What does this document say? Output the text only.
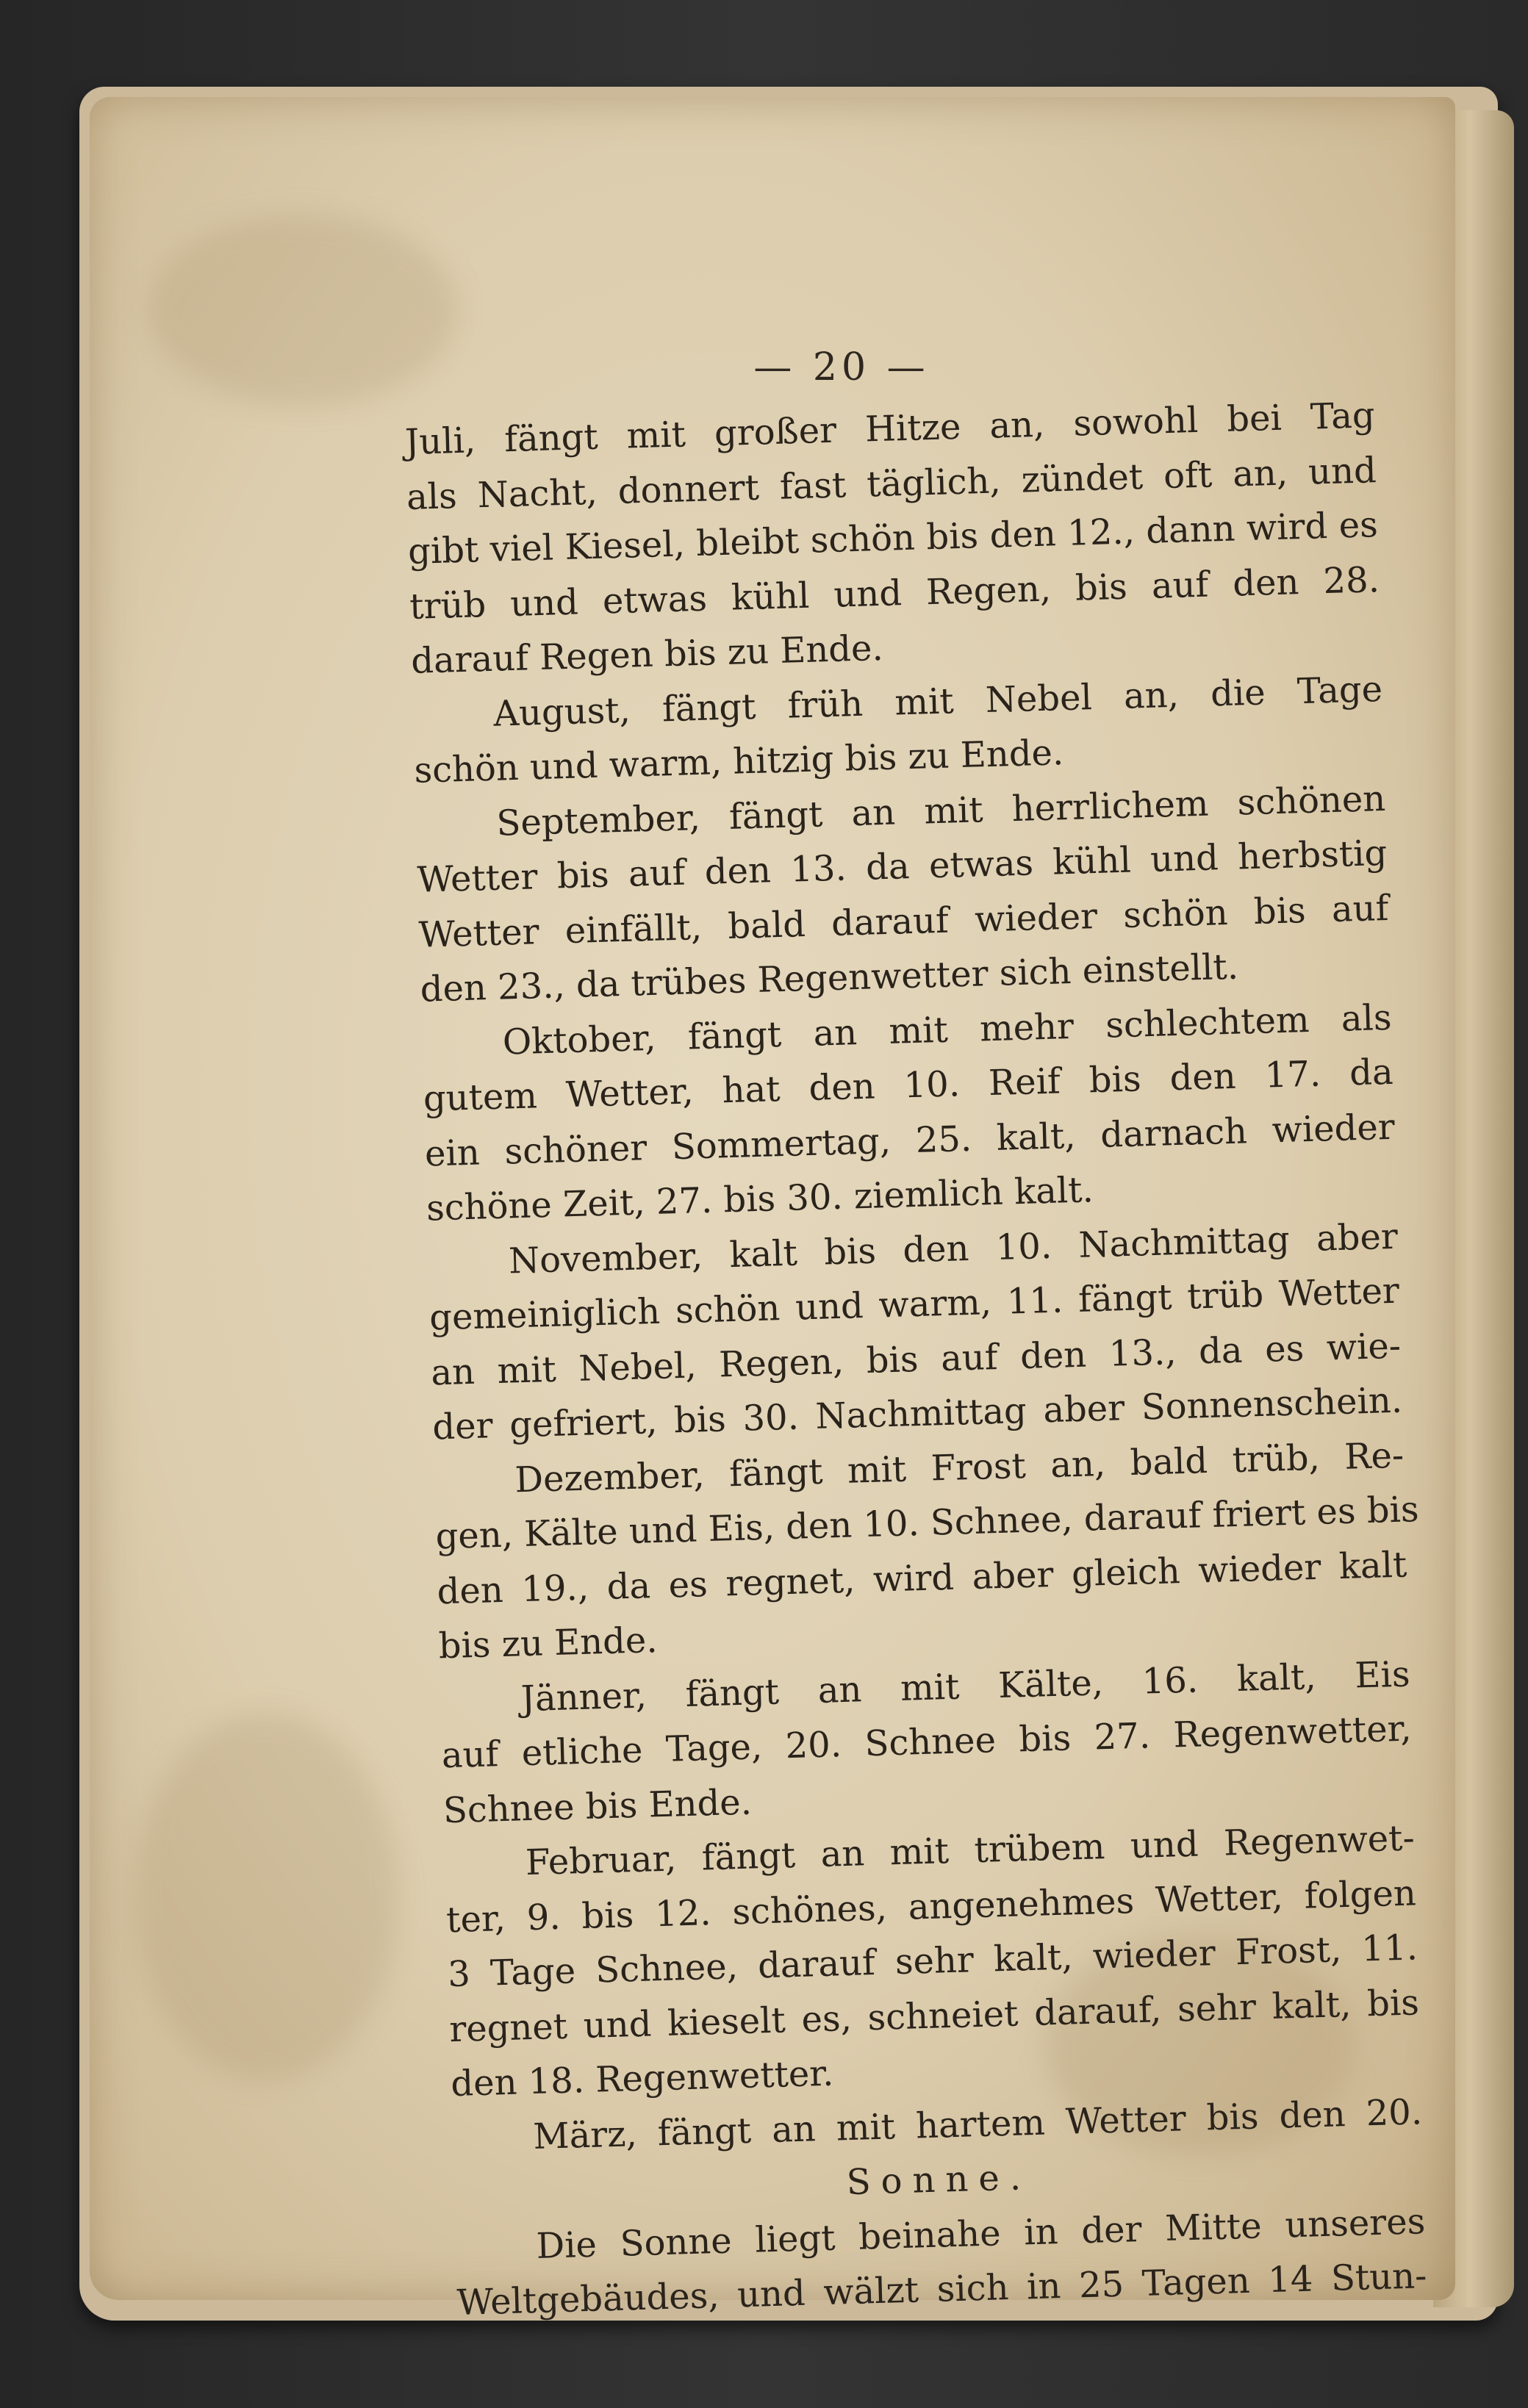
— 20 —
Juli, fängt mit großer Hitze an, sowohl bei Tag
als Nacht, donnert fast täglich, zündet oft an, und
gibt viel Kiesel, bleibt schön bis den 12., dann wird es
trüb und etwas kühl und Regen, bis auf den 28.
darauf Regen bis zu Ende.
August, fängt früh mit Nebel an, die Tage
schön und warm, hitzig bis zu Ende.
September, fängt an mit herrlichem schönen
Wetter bis auf den 13. da etwas kühl und herbstig
Wetter einfällt, bald darauf wieder schön bis auf
den 23., da trübes Regenwetter sich einstellt.
Oktober, fängt an mit mehr schlechtem als
gutem Wetter, hat den 10. Reif bis den 17. da
ein schöner Sommertag, 25. kalt, darnach wieder
schöne Zeit, 27. bis 30. ziemlich kalt.
November, kalt bis den 10. Nachmittag aber
gemeiniglich schön und warm, 11. fängt trüb Wetter
an mit Nebel, Regen, bis auf den 13., da es wie-
der gefriert, bis 30. Nachmittag aber Sonnenschein.
Dezember, fängt mit Frost an, bald trüb, Re-
gen, Kälte und Eis, den 10. Schnee, darauf friert es bis
den 19., da es regnet, wird aber gleich wieder kalt
bis zu Ende.
Jänner, fängt an mit Kälte, 16. kalt, Eis
auf etliche Tage, 20. Schnee bis 27. Regenwetter,
Schnee bis Ende.
Februar, fängt an mit trübem und Regenwet-
ter, 9. bis 12. schönes, angenehmes Wetter, folgen
3 Tage Schnee, darauf sehr kalt, wieder Frost, 11.
regnet und kieselt es, schneiet darauf, sehr kalt, bis
den 18. Regenwetter.
März, fängt an mit hartem Wetter bis den 20.
Sonne.
Die Sonne liegt beinahe in der Mitte unseres
Weltgebäudes, und wälzt sich in 25 Tagen 14 Stun-
